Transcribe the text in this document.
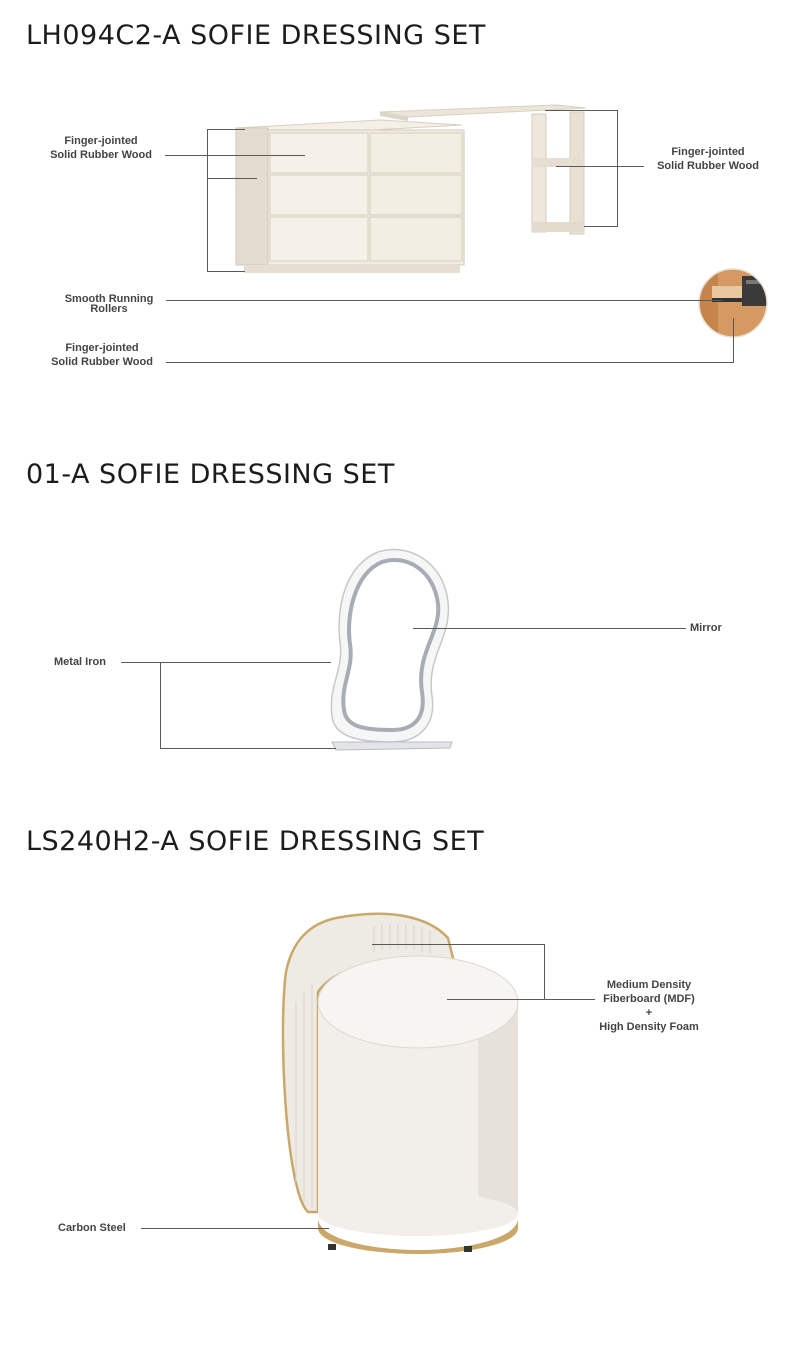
LH094C2-A SOFIE DRESSING SET
Finger-jointed
Solid Rubber Wood	Finger-jointed
Solid Rubber Wood
Smooth Running
Rollers
Finger-jointed
Solid Rubber Wood
01-A SOFIE DRESSING SET
Mirror
Metal Iron
LS240H2-A SOFIE DRESSING SET
Medium Density
Fiberboard (MDF)
+
High Density Foam
Carbon Steel
